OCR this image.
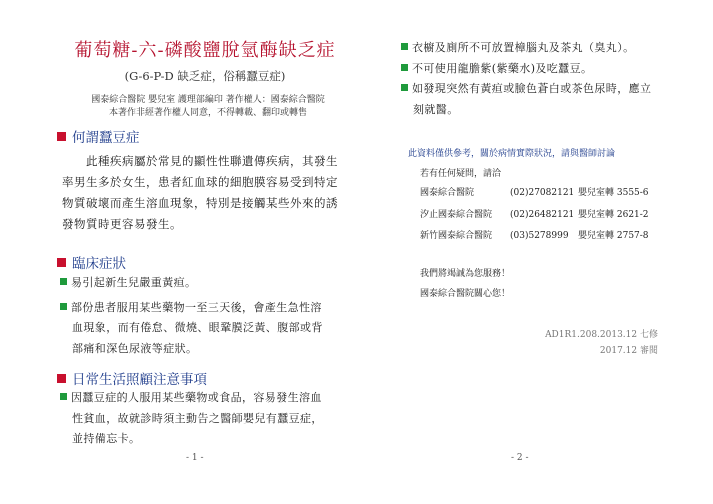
葡萄糖-六-磷酸鹽脫氫酶缺乏症
(G-6-P-D 缺乏症，俗稱蠶豆症)
國泰綜合醫院 嬰兒室 護理部編印 著作權人：國泰綜合醫院
本著作非經著作權人同意，不得轉載、翻印或轉售
何謂蠶豆症
此種疾病屬於常見的顯性性聯遺傳疾病，其發生
率男生多於女生，患者紅血球的細胞膜容易受到特定
物質破壞而產生溶血現象，特別是接觸某些外來的誘
發物質時更容易發生。
臨床症狀
易引起新生兒嚴重黃疸。
部份患者服用某些藥物一至三天後，會產生急性溶
血現象，而有倦怠、微燒、眼鞏膜泛黃、腹部或背
部痛和深色尿液等症狀。
日常生活照顧注意事項
因蠶豆症的人服用某些藥物或食品，容易發生溶血
性貧血，故就診時須主動告之醫師嬰兒有蠶豆症，
並持備忘卡。
- 1 -
衣櫥及廁所不可放置樟腦丸及茶丸（臭丸）。
不可使用龍膽紫(紫藥水)及吃蠶豆。
如發現突然有黃疸或臉色蒼白或茶色尿時，應立
刻就醫。
此資料僅供參考，關於病情實際狀況，請與醫師討論
若有任何疑問，請洽
國泰綜合醫院	(02)27082121 嬰兒室轉 3555-6
汐止國泰綜合醫院 (02)26482121 嬰兒室轉 2621-2
新竹國泰綜合醫院 (03)5278999 嬰兒室轉 2757-8
我們將竭誠為您服務！
國泰綜合醫院關心您！
AD1R1.208.2013.12 七修
2017.12 審閱
- 2 -
